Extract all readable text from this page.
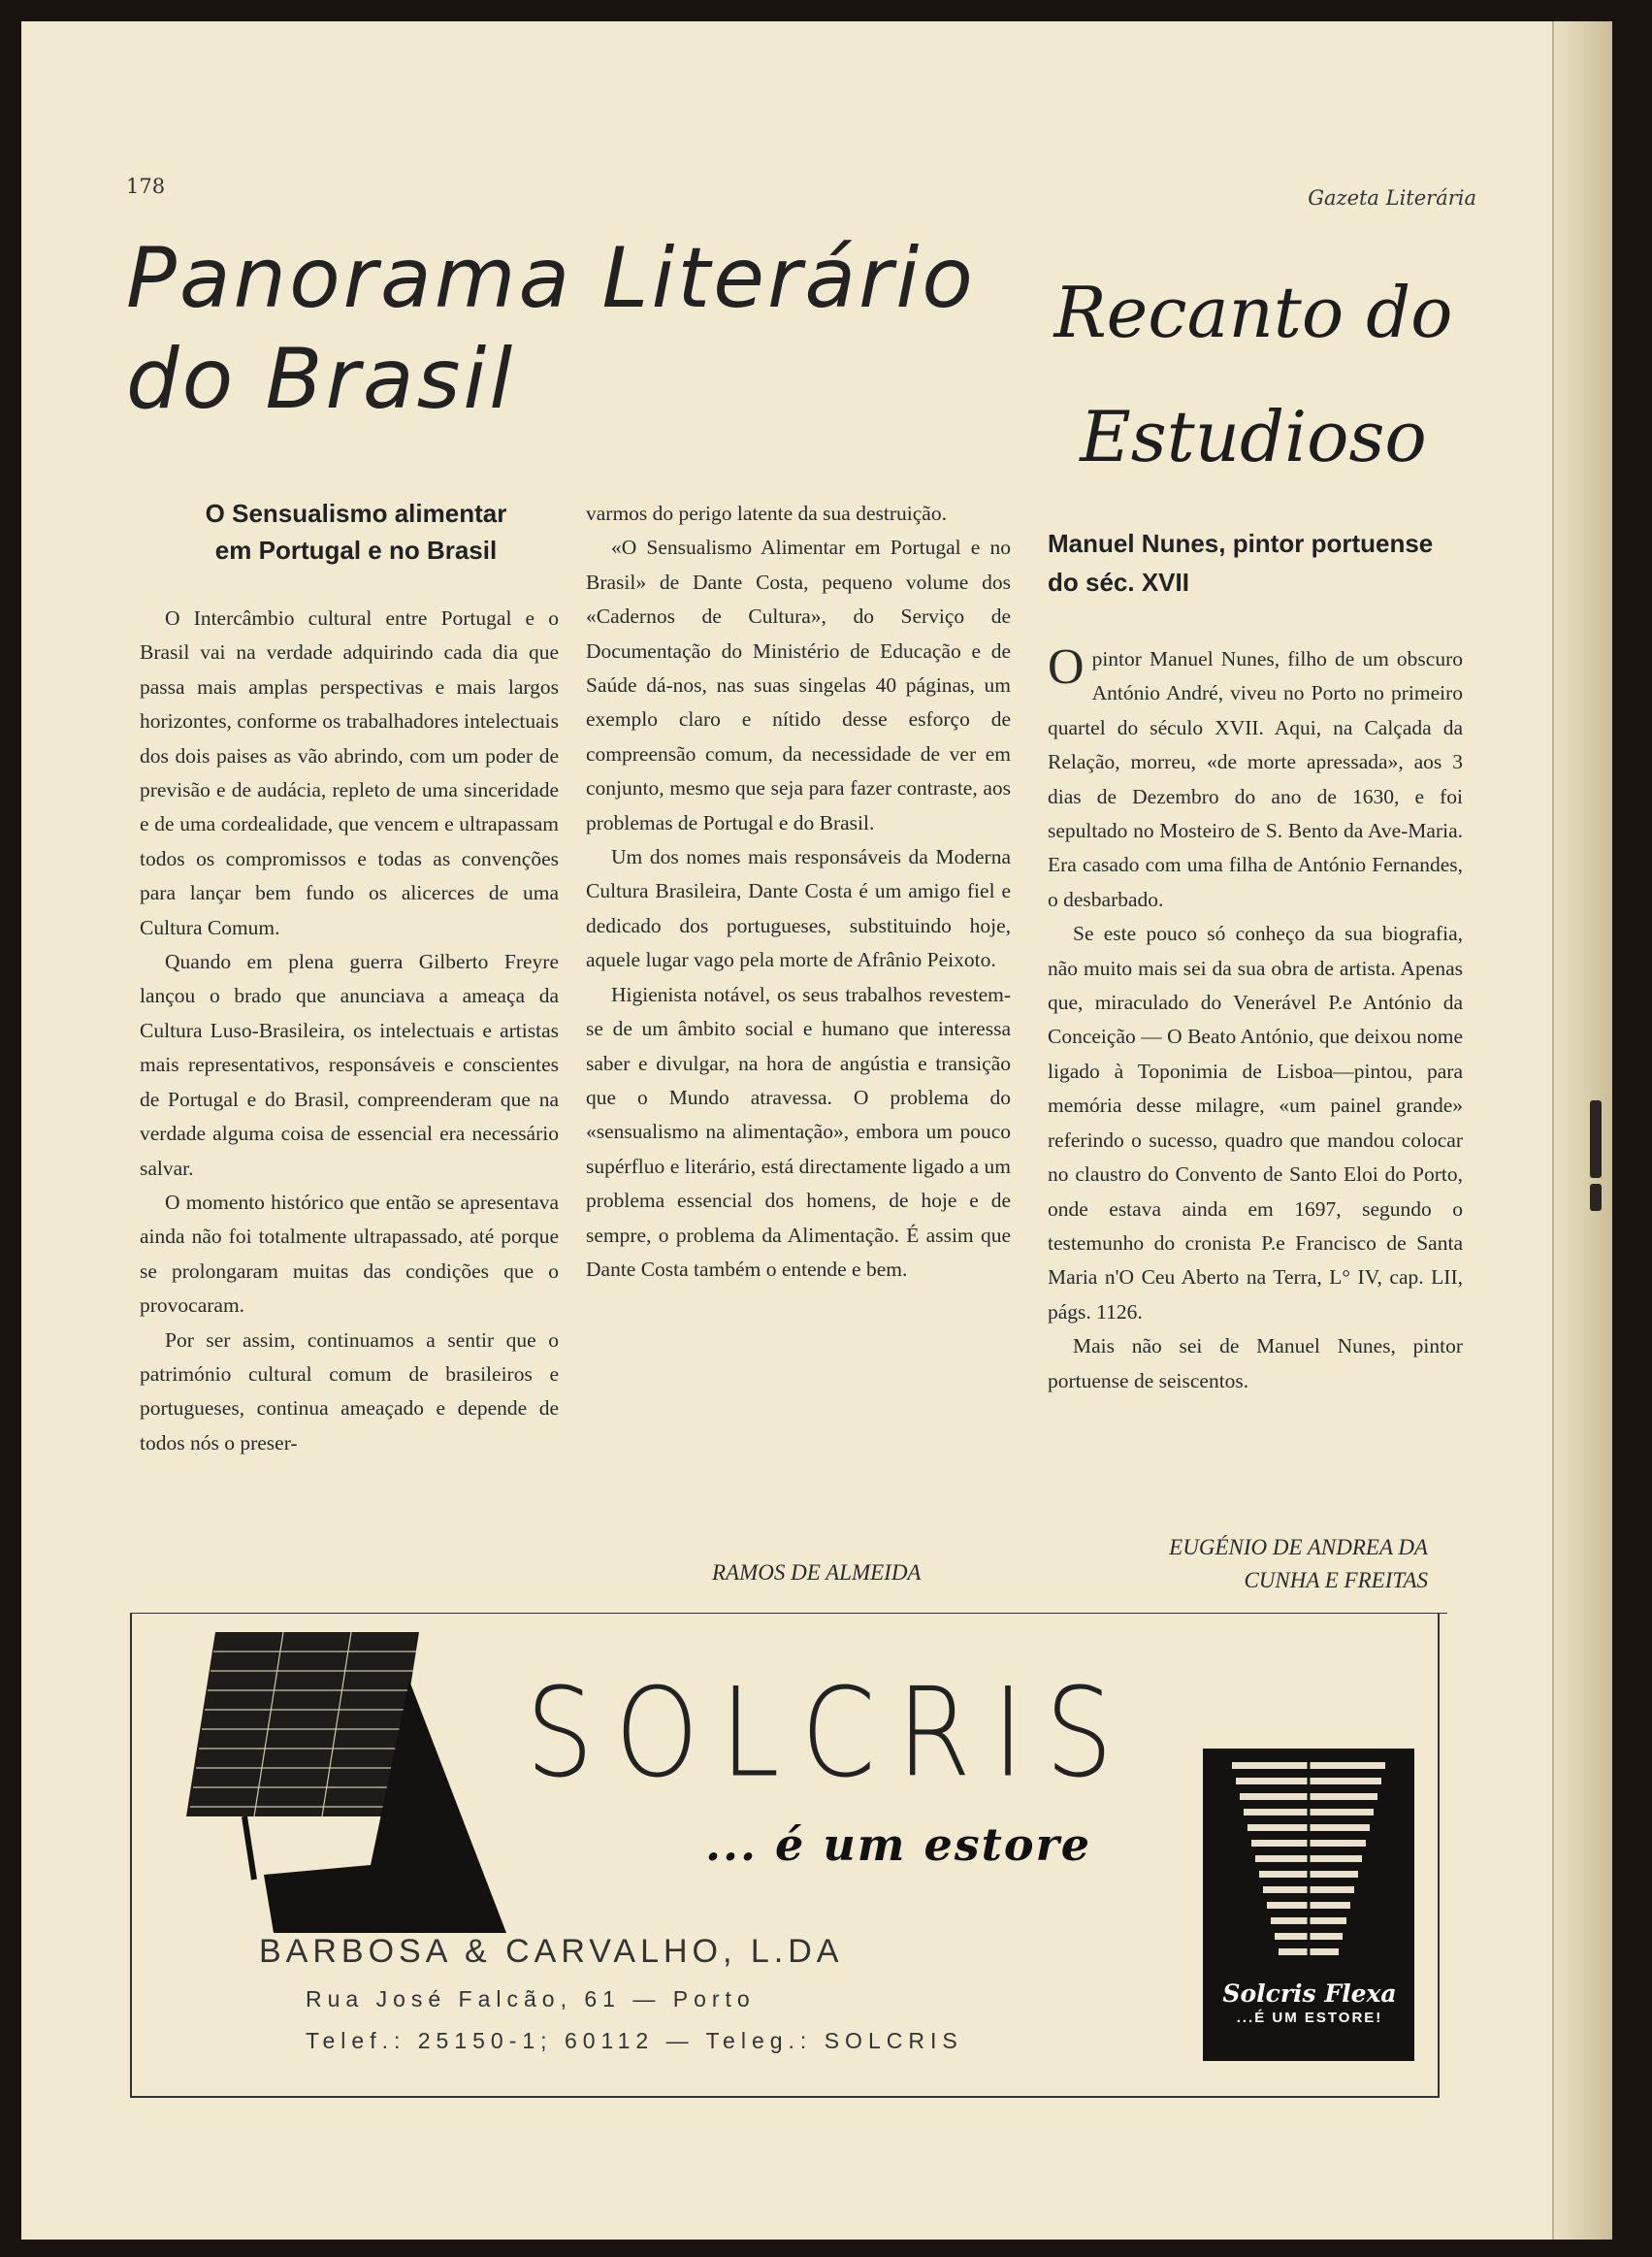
178	Gazeta Literária
Panorama Literário
do Brasil
Recanto do
Estudioso
O Sensualismo alimentar
em Portugal e no Brasil	Manuel Nunes, pintor portuense
do séc. XVII

O Intercâmbio cultural entre Portugal e o Brasil vai na verdade adquirindo cada dia que passa mais amplas perspectivas e mais largos horizontes, conforme os trabalhadores intelectuais dos dois paises as vão abrindo, com um poder de previsão e de audácia, repleto de uma sinceridade e de uma cordealidade, que vencem e ultrapassam todos os compromissos e todas as convenções para lançar bem fundo os alicerces de uma Cultura Comum.

Quando em plena guerra Gilberto Freyre lançou o brado que anunciava a ameaça da Cultura Luso-Brasileira, os intelectuais e artistas mais representativos, responsáveis e conscientes de Portugal e do Brasil, compreenderam que na verdade alguma coisa de essencial era necessário salvar.

O momento histórico que então se apresentava ainda não foi totalmente ultrapassado, até porque se prolongaram muitas das condições que o provocaram.

Por ser assim, continuamos a sentir que o património cultural comum de brasileiros e portugueses, continua ameaçado e depende de todos nós o preser-

varmos do perigo latente da sua destruição.

«O Sensualismo Alimentar em Portugal e no Brasil» de Dante Costa, pequeno volume dos «Cadernos de Cultura», do Serviço de Documentação do Ministério de Educação e de Saúde dá-nos, nas suas singelas 40 páginas, um exemplo claro e nítido desse esforço de compreensão comum, da necessidade de ver em conjunto, mesmo que seja para fazer contraste, aos problemas de Portugal e do Brasil.

Um dos nomes mais responsáveis da Moderna Cultura Brasileira, Dante Costa é um amigo fiel e dedicado dos portugueses, substituindo hoje, aquele lugar vago pela morte de Afrânio Peixoto.

Higienista notável, os seus trabalhos revestem-se de um âmbito social e humano que interessa saber e divulgar, na hora de angústia e transição que o Mundo atravessa. O problema do «sensualismo na alimentação», embora um pouco supérfluo e literário, está directamente ligado a um problema essencial dos homens, de hoje e de sempre, o problema da Alimentação. É assim que Dante Costa também o entende e bem.

RAMOS DE ALMEIDA

O pintor Manuel Nunes, filho de um obscuro António André, viveu no Porto no primeiro quartel do século XVII. Aqui, na Calçada da Relação, morreu, «de morte apressada», aos 3 dias de Dezembro do ano de 1630, e foi sepultado no Mosteiro de S. Bento da Ave-Maria. Era casado com uma filha de António Fernandes, o desbarbado.

Se este pouco só conheço da sua biografia, não muito mais sei da sua obra de artista. Apenas que, miraculado do Venerável P.e António da Conceição — O Beato António, que deixou nome ligado à Toponimia de Lisboa—pintou, para memória desse milagre, «um painel grande» referindo o sucesso, quadro que mandou colocar no claustro do Convento de Santo Eloi do Porto, onde estava ainda em 1697, segundo o testemunho do cronista P.e Francisco de Santa Maria n'O Ceu Aberto na Terra, L° IV, cap. LII, págs. 1126.

Mais não sei de Manuel Nunes, pintor portuense de seiscentos.

EUGÉNIO DE ANDREA DA
CUNHA E FREITAS
SOLCRIS
... é um estore
BARBOSA & CARVALHO, L.DA
Rua José Falcão, 61 — Porto
Telef.: 25150-1; 60112 — Teleg.: SOLCRIS
Solcris Flexa
...É UM ESTORE!
